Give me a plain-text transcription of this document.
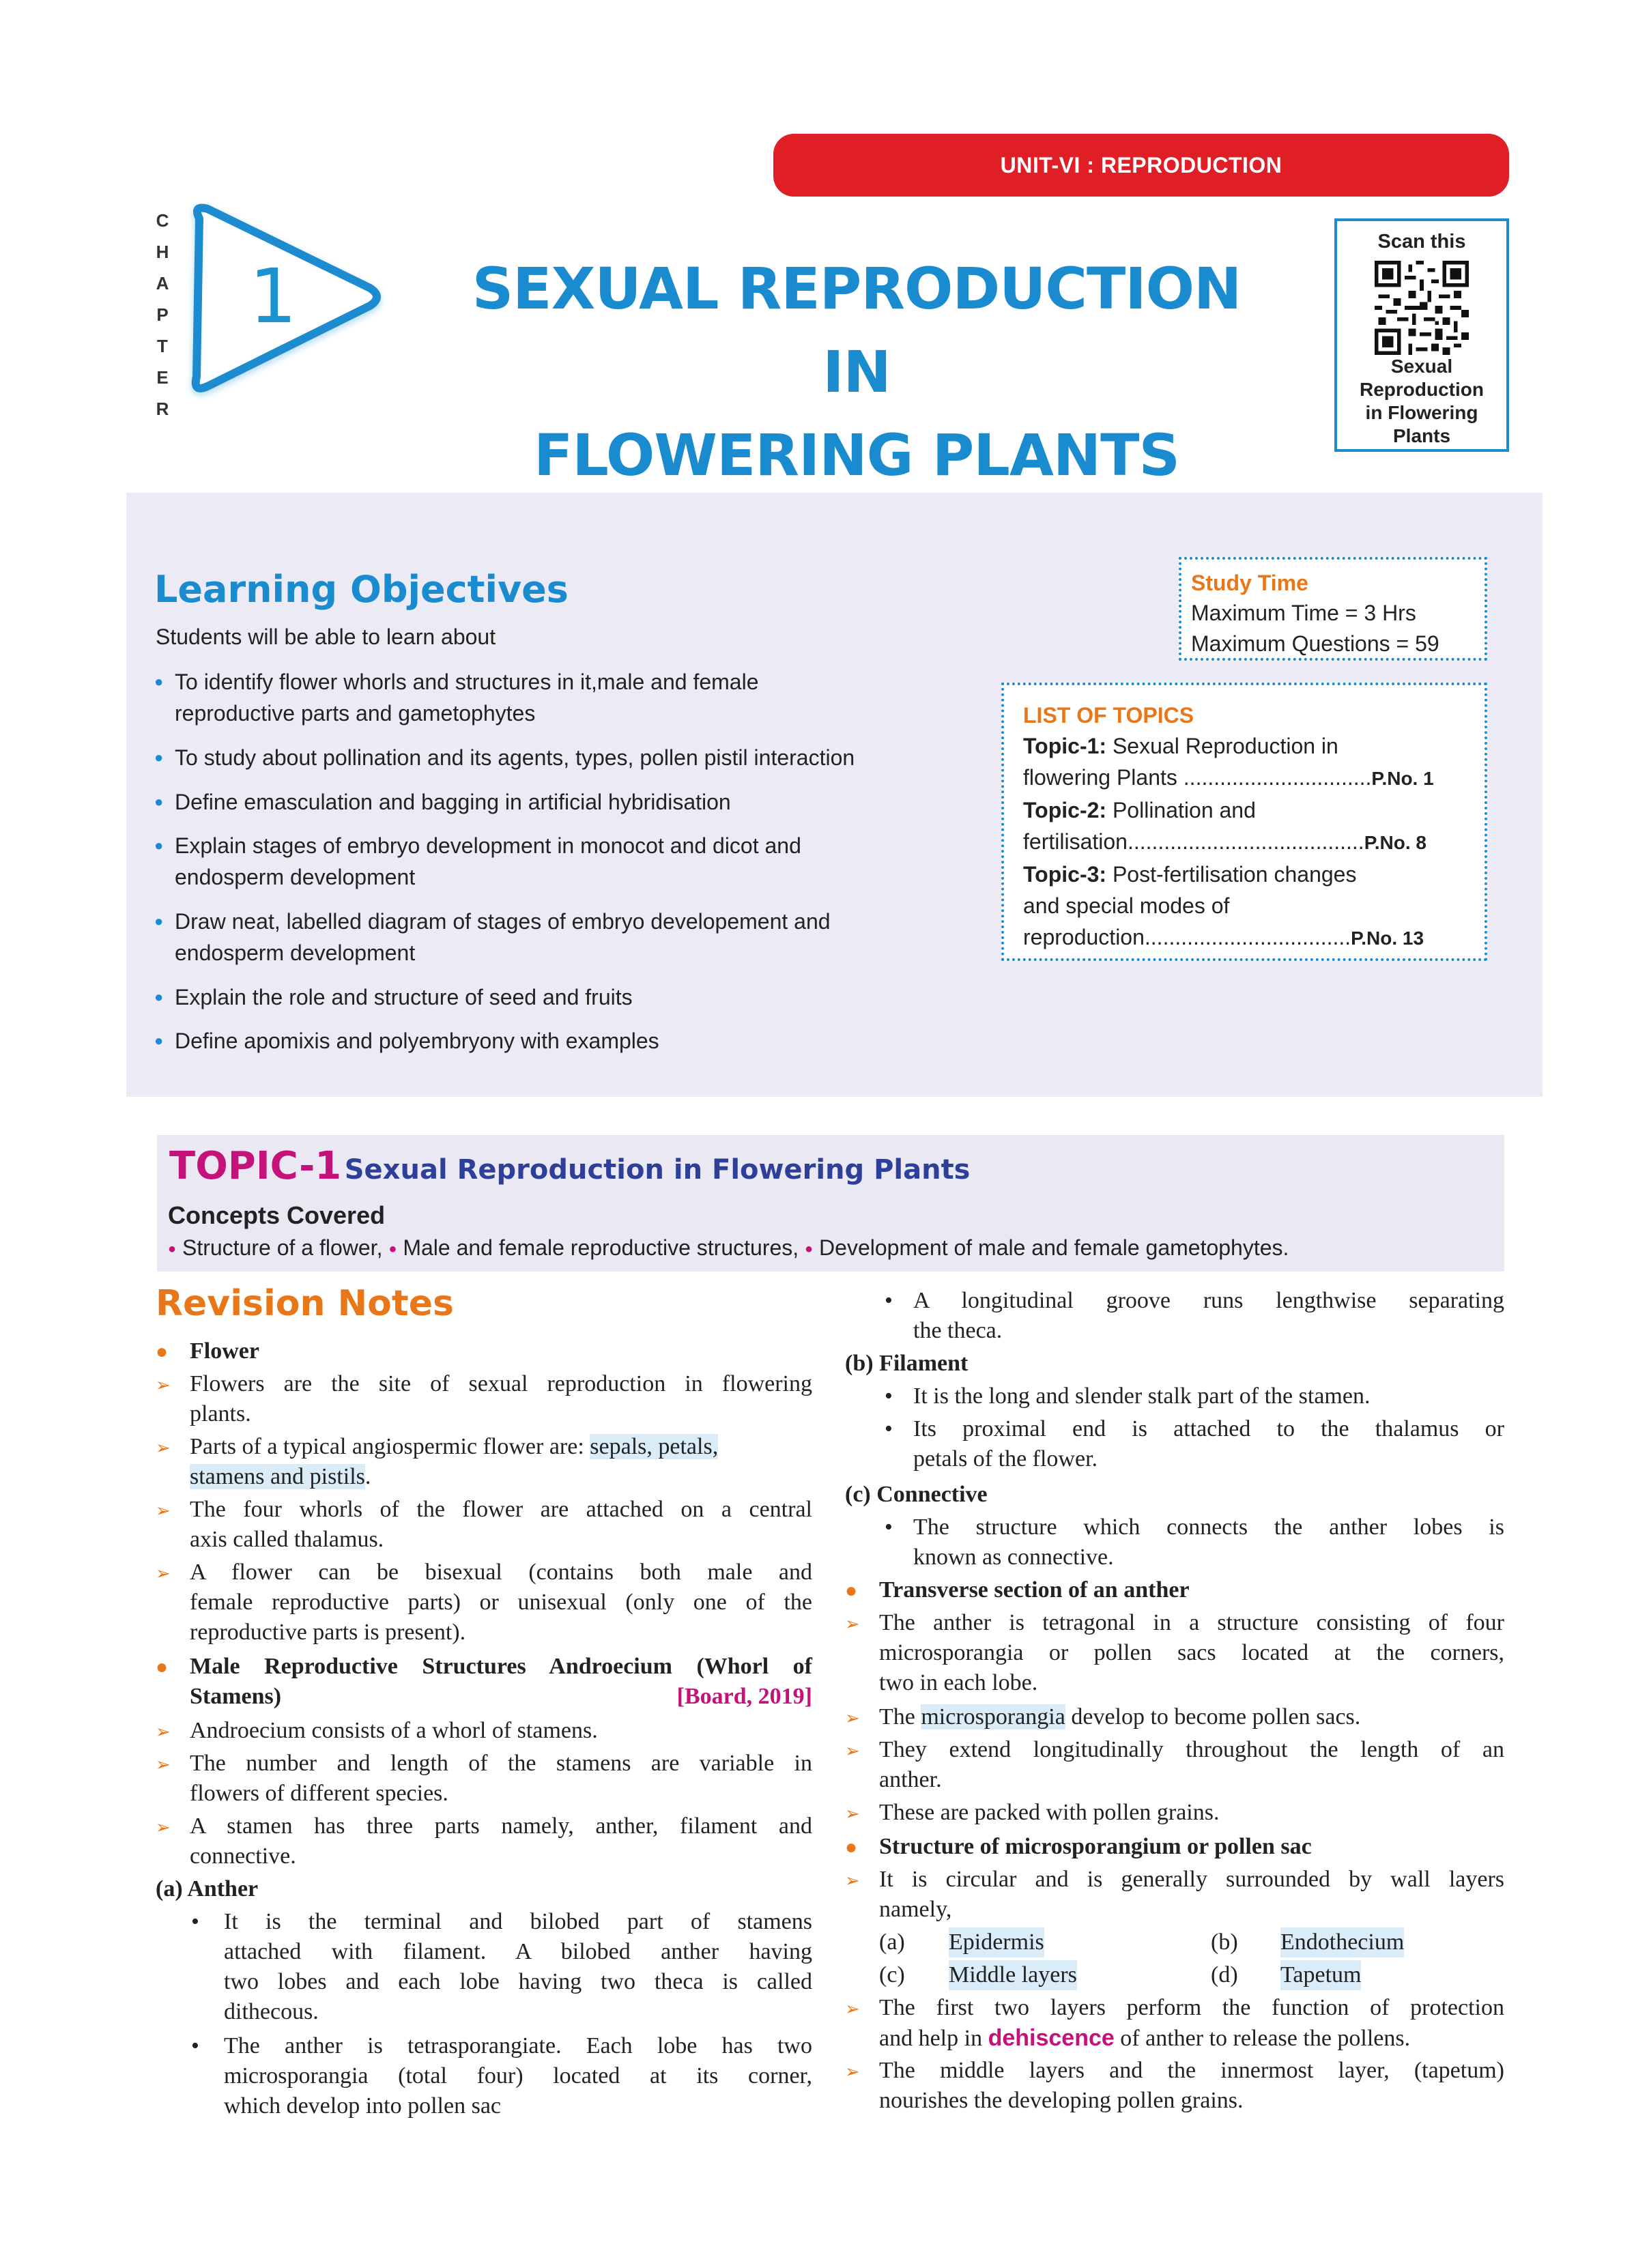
UNIT-VI : REPRODUCTION
C
H
A
P
T
E
R
1	SEXUAL REPRODUCTION IN
FLOWERING PLANTS
Scan this
Sexual
Reproduction
in Flowering
Plants
Learning Objectives
Students will be able to learn about
● To identify flower whorls and structures in it,male and female
reproductive parts and gametophytes
● To study about pollination and its agents, types, pollen pistil interaction
● Define emasculation and bagging in artificial hybridisation
● Explain stages of embryo development in monocot and dicot and
endosperm development
● Draw neat, labelled diagram of stages of embryo developement and
endosperm development
● Explain the role and structure of seed and fruits
● Define apomixis and polyembryony with examples
Study Time
Maximum Time = 3 Hrs
Maximum Questions = 59
LIST OF TOPICS
Topic-1: Sexual Reproduction in
flowering Plants ...............................P.No. 1
Topic-2: Pollination and
fertilisation.......................................P.No. 8
Topic-3: Post-fertilisation changes
and special modes of
reproduction..................................P.No. 13
TOPIC-1 Sexual Reproduction in Flowering Plants
Concepts Covered
● Structure of a flower, ● Male and female reproductive structures, ● Development of male and female gametophytes.
Revision Notes
● Flower
➢ Flowers are the site of sexual reproduction in flowering
plants.
➢ Parts of a typical angiospermic flower are: sepals, petals,
stamens and pistils.
➢ The four whorls of the flower are attached on a central
axis called thalamus.
➢ A flower can be bisexual (contains both male and
female reproductive parts) or unisexual (only one of the
reproductive parts is present).
● Male Reproductive Structures Androecium (Whorl of
Stamens)	[Board, 2019]
➢ Androecium consists of a whorl of stamens.
➢ The number and length of the stamens are variable in
flowers of different species.
➢ A stamen has three parts namely, anther, filament and
connective.
(a) Anther
• It is the terminal and bilobed part of stamens
attached with filament. A bilobed anther having
two lobes and each lobe having two theca is called
dithecous.
• The anther is tetrasporangiate. Each lobe has two
microsporangia (total four) located at its corner,
which develop into pollen sac
• A longitudinal groove runs lengthwise separating
the theca.
(b) Filament
• It is the long and slender stalk part of the stamen.
• Its proximal end is attached to the thalamus or
petals of the flower.
(c) Connective
• The structure which connects the anther lobes is
known as connective.
● Transverse section of an anther
➢ The anther is tetragonal in a structure consisting of four
microsporangia or pollen sacs located at the corners,
two in each lobe.
➢ The microsporangia develop to become pollen sacs.
➢ They extend longitudinally throughout the length of an
anther.
➢ These are packed with pollen grains.
● Structure of microsporangium or pollen sac
➢ It is circular and is generally surrounded by wall layers
namely,
(a) Epidermis	(b) Endothecium
(c) Middle layers	(d) Tapetum
➢ The first two layers perform the function of protection
and help in dehiscence of anther to release the pollens.
➢ The middle layers and the innermost layer, (tapetum)
nourishes the developing pollen grains.
